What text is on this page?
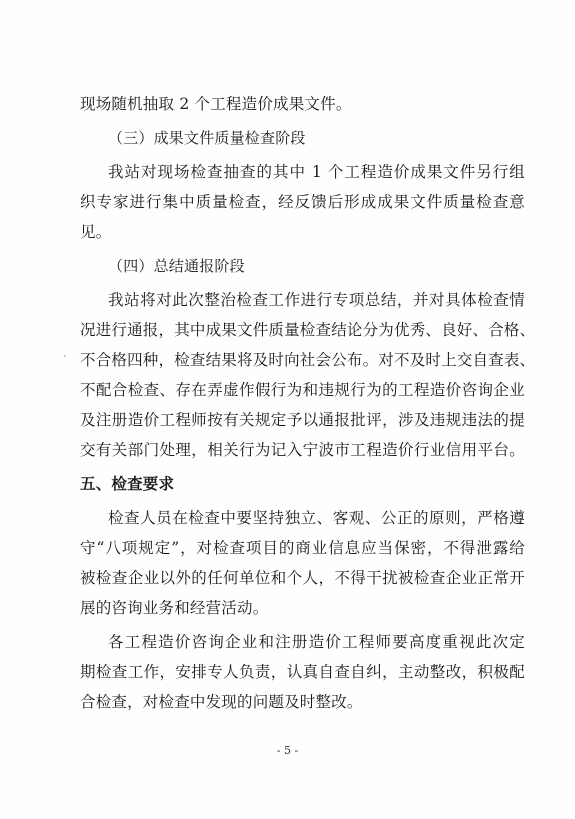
现场随机抽取 2 个工程造价成果文件。
（三）成果文件质量检查阶段
我站对现场检查抽查的其中 1 个工程造价成果文件另行组
织专家进行集中质量检查，经反馈后形成成果文件质量检查意
见。
（四）总结通报阶段
我站将对此次整治检查工作进行专项总结，并对具体检查情
况进行通报，其中成果文件质量检查结论分为优秀、良好、合格、
不合格四种，检查结果将及时向社会公布。对不及时上交自查表、
不配合检查、存在弄虚作假行为和违规行为的工程造价咨询企业
及注册造价工程师按有关规定予以通报批评，涉及违规违法的提
交有关部门处理，相关行为记入宁波市工程造价行业信用平台。
五、检查要求
检查人员在检查中要坚持独立、客观、公正的原则，严格遵
守“八项规定”，对检查项目的商业信息应当保密，不得泄露给
被检查企业以外的任何单位和个人，不得干扰被检查企业正常开
展的咨询业务和经营活动。
各工程造价咨询企业和注册造价工程师要高度重视此次定
期检查工作，安排专人负责，认真自查自纠，主动整改，积极配
合检查，对检查中发现的问题及时整改。
- 5 -
